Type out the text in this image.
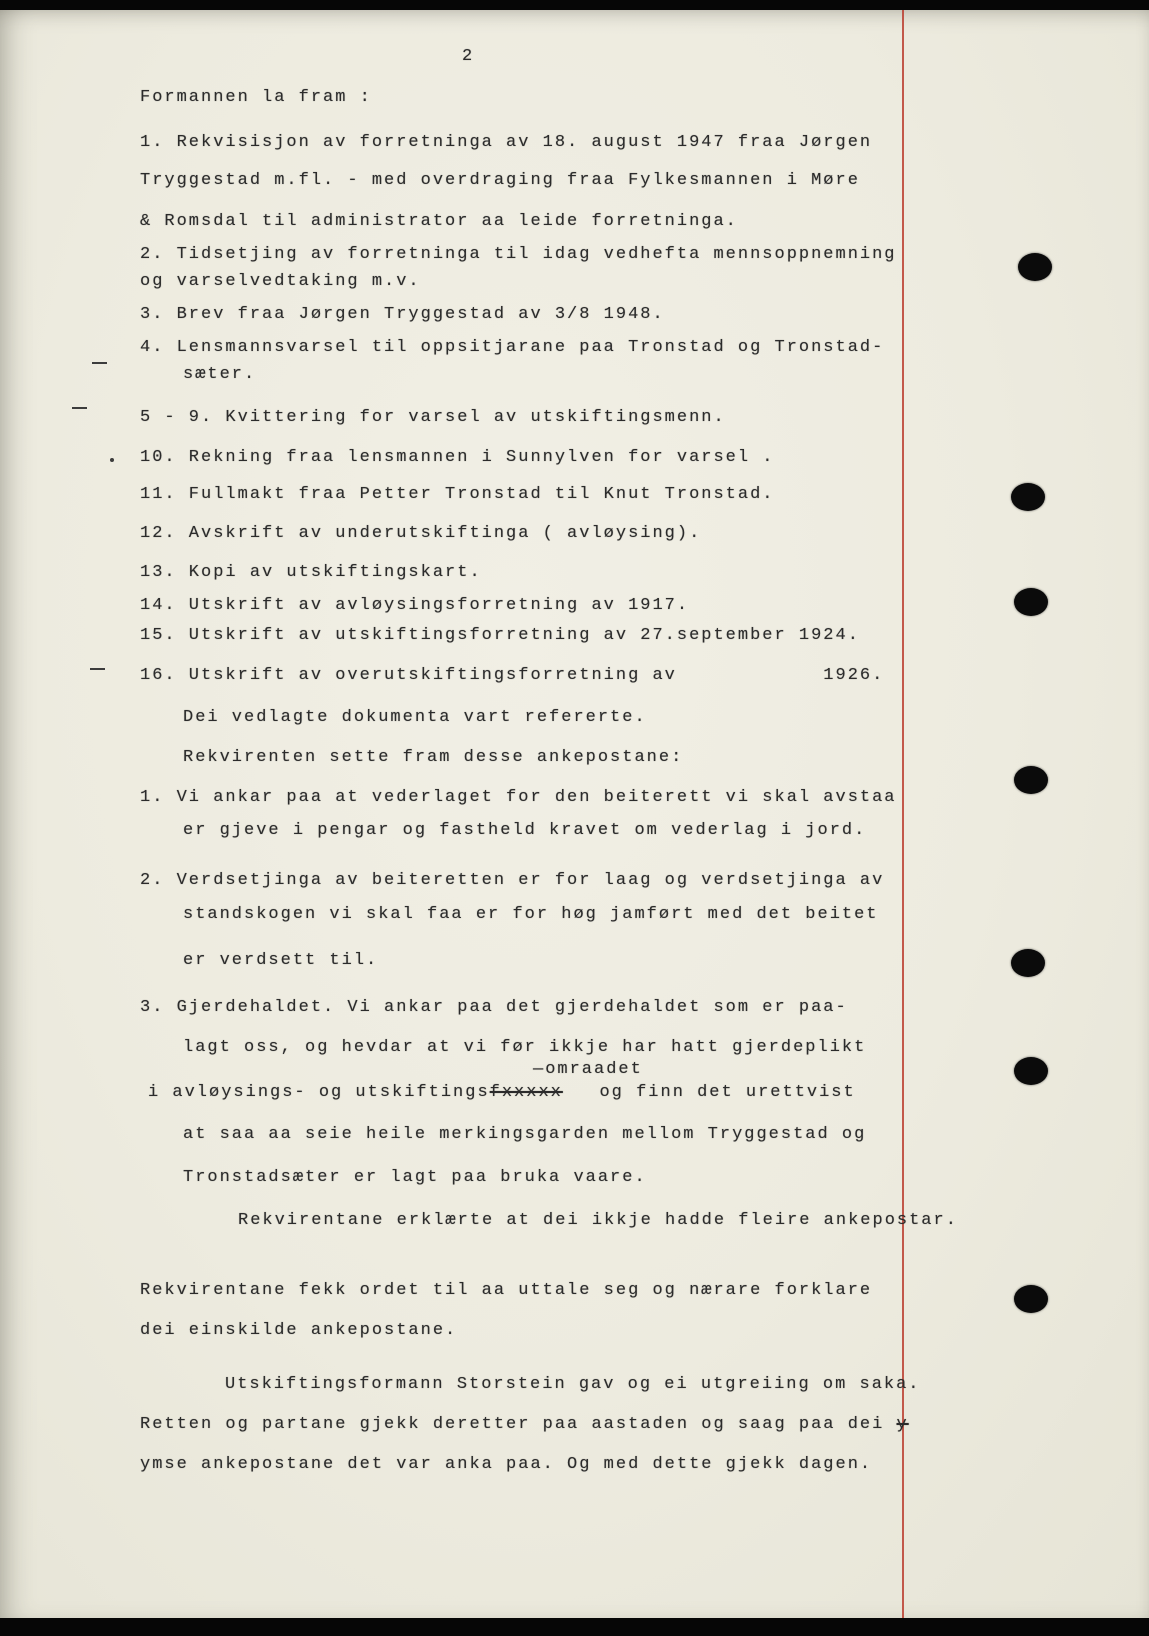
2
Formannen la fram :
1. Rekvisisjon av forretninga av 18. august 1947 fraa Jørgen
Tryggestad m.fl. - med overdraging fraa Fylkesmannen i Møre
& Romsdal til administrator aa leide forretninga.
2. Tidsetjing av forretninga til idag vedhefta mennsoppnemning
og varselvedtaking m.v.
3. Brev fraa Jørgen Tryggestad av 3/8 1948.
4. Lensmannsvarsel til oppsitjarane paa Tronstad og Tronstad-
sæter.
5 - 9. Kvittering for varsel av utskiftingsmenn.
10. Rekning fraa lensmannen i Sunnylven for varsel .
11. Fullmakt fraa Petter Tronstad til Knut Tronstad.
12. Avskrift av underutskiftinga ( avløysing).
13. Kopi av utskiftingskart.
14. Utskrift av avløysingsforretning av 1917.
15. Utskrift av utskiftingsforretning av 27.september 1924.
16. Utskrift av overutskiftingsforretning av            1926.
Dei vedlagte dokumenta vart refererte.
Rekvirenten sette fram desse ankepostane:
1. Vi ankar paa at vederlaget for den beiterett vi skal avstaa
er gjeve i pengar og fastheld kravet om vederlag i jord.
2. Verdsetjinga av beiteretten er for laag og verdsetjinga av
standskogen vi skal faa er for høg jamført med det beitet
er verdsett til.
3. Gjerdehaldet. Vi ankar paa det gjerdehaldet som er paa-
lagt oss, og hevdar at vi før ikkje har hatt gjerdeplikt
—omraadet
i avløysings- og utskiftingsfxxxxx   og finn det urettvist
at saa aa seie heile merkingsgarden mellom Tryggestad og
Tronstadsæter er lagt paa bruka vaare.
Rekvirentane erklærte at dei ikkje hadde fleire ankepostar.
Rekvirentane fekk ordet til aa uttale seg og nærare forklare
dei einskilde ankepostane.
Utskiftingsformann Storstein gav og ei utgreiing om saka.
Retten og partane gjekk deretter paa aastaden og saag paa dei y
ymse ankepostane det var anka paa. Og med dette gjekk dagen.
